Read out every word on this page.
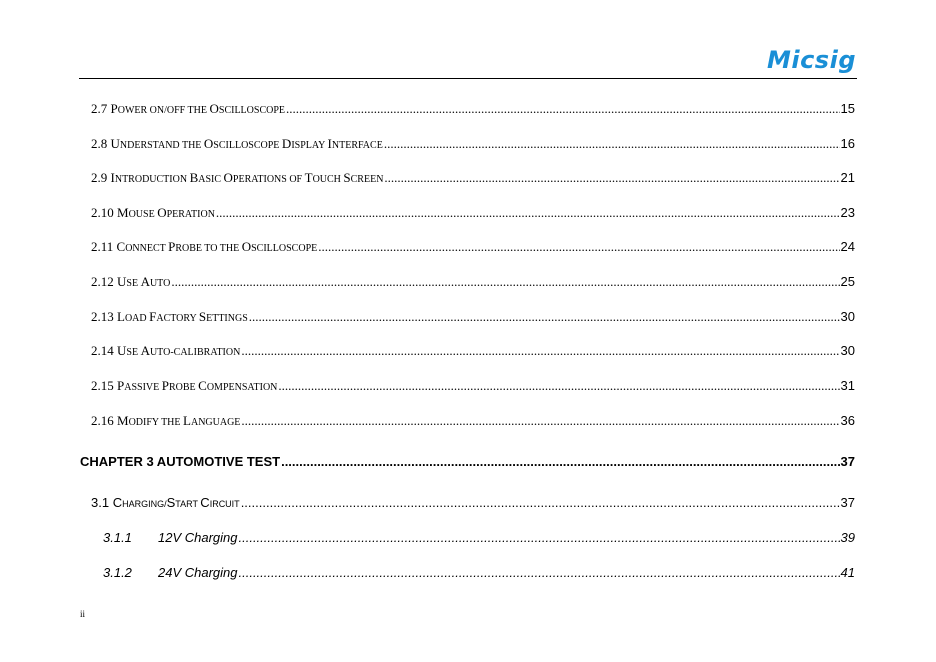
Micsig
2.7 POWER ON/OFF THE OSCILLOSCOPE .....	15
2.8 UNDERSTAND THE OSCILLOSCOPE DISPLAY INTERFACE .....	16
2.9 INTRODUCTION BASIC OPERATIONS OF TOUCH SCREEN .....	21
2.10 MOUSE OPERATION .....	23
2.11 CONNECT PROBE TO THE OSCILLOSCOPE .....	24
2.12 USE AUTO .....	25
2.13 LOAD FACTORY SETTINGS .....	30
2.14 USE AUTO-CALIBRATION .....	30
2.15 PASSIVE PROBE COMPENSATION .....	31
2.16 MODIFY THE LANGUAGE .....	36
CHAPTER 3 AUTOMOTIVE TEST .....	37
3.1 CHARGING/START CIRCUIT .....	37
3.1.1 12V Charging .....	39
3.1.2 24V Charging .....	41
ii
